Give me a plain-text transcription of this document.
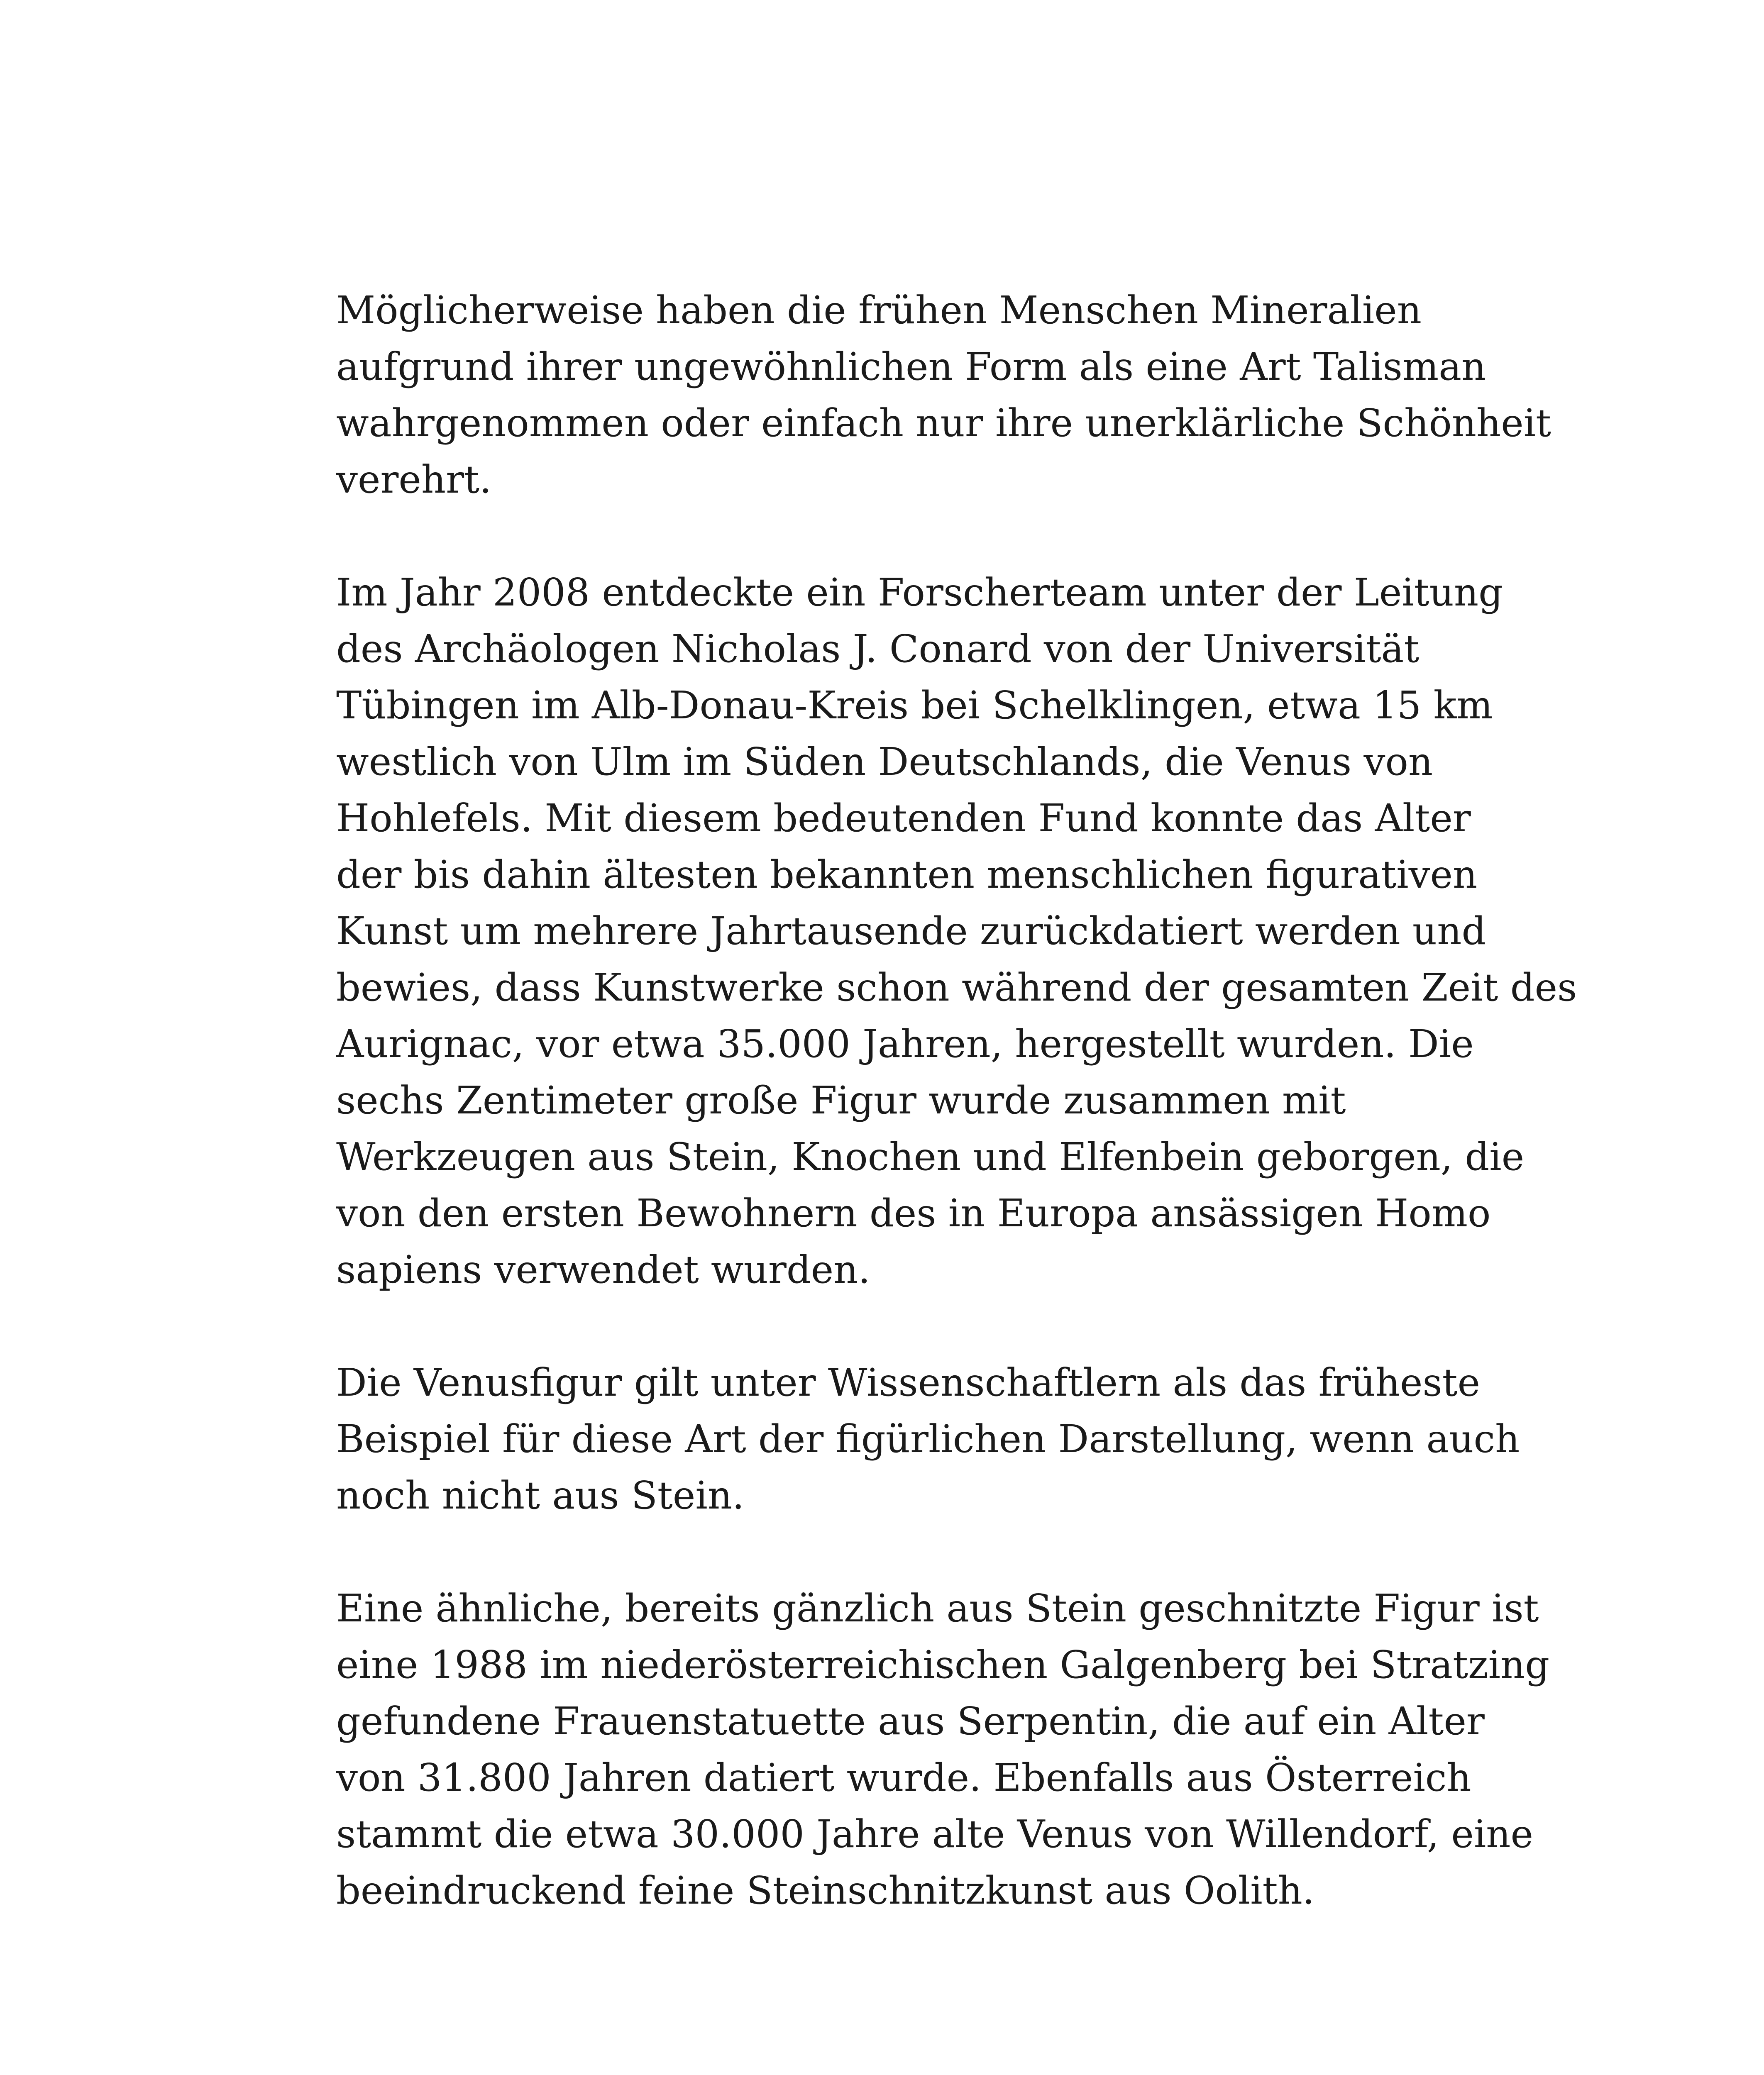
Möglicherweise haben die frühen Menschen Mineralien
aufgrund ihrer ungewöhnlichen Form als eine Art Talisman
wahrgenommen oder einfach nur ihre unerklärliche Schönheit
verehrt.

Im Jahr 2008 entdeckte ein Forscherteam unter der Leitung
des Archäologen Nicholas J. Conard von der Universität
Tübingen im Alb-Donau-Kreis bei Schelklingen, etwa 15 km
westlich von Ulm im Süden Deutschlands, die Venus von
Hohlefels. Mit diesem bedeutenden Fund konnte das Alter
der bis dahin ältesten bekannten menschlichen figurativen
Kunst um mehrere Jahrtausende zurückdatiert werden und
bewies, dass Kunstwerke schon während der gesamten Zeit des
Aurignac, vor etwa 35.000 Jahren, hergestellt wurden. Die
sechs Zentimeter große Figur wurde zusammen mit
Werkzeugen aus Stein, Knochen und Elfenbein geborgen, die
von den ersten Bewohnern des in Europa ansässigen Homo
sapiens verwendet wurden.

Die Venusfigur gilt unter Wissenschaftlern als das früheste
Beispiel für diese Art der figürlichen Darstellung, wenn auch
noch nicht aus Stein.

Eine ähnliche, bereits gänzlich aus Stein geschnitzte Figur ist
eine 1988 im niederösterreichischen Galgenberg bei Stratzing
gefundene Frauenstatuette aus Serpentin, die auf ein Alter
von 31.800 Jahren datiert wurde. Ebenfalls aus Österreich
stammt die etwa 30.000 Jahre alte Venus von Willendorf, eine
beeindruckend feine Steinschnitzkunst aus Oolith.
